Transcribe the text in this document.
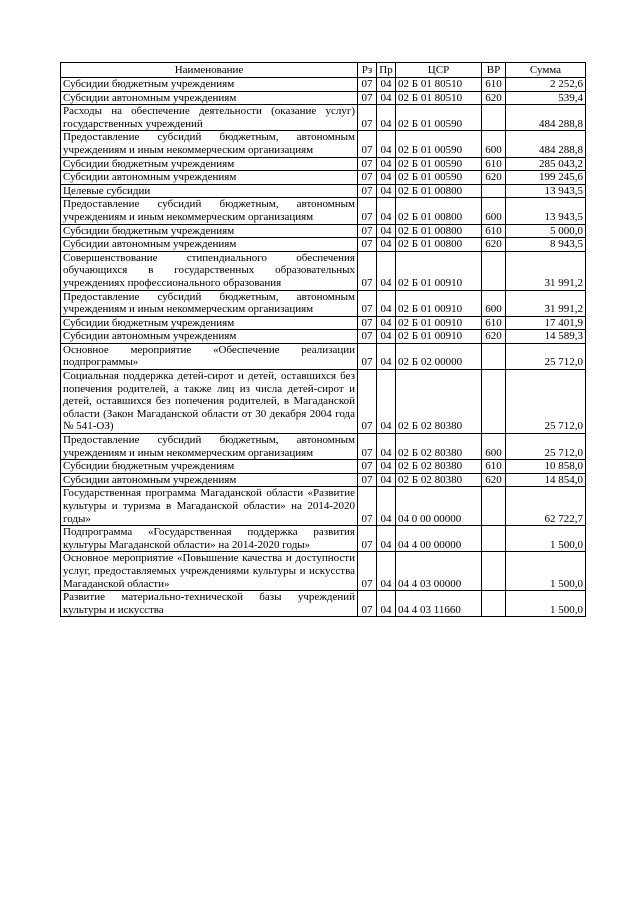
Наименование	Рз	Пр	ЦСР	ВР	Сумма
Субсидии бюджетным учреждениям	07	04	02 Б 01 80510	610	2 252,6
Субсидии автономным учреждениям	07	04	02 Б 01 80510	620	539,4
Расходы на обеспечение деятельности (оказание услуг) государственных учреждений	07	04	02 Б 01 00590		484 288,8
Предоставление субсидий бюджетным, автономным учреждениям и иным некоммерческим организациям	07	04	02 Б 01 00590	600	484 288,8
Субсидии бюджетным учреждениям	07	04	02 Б 01 00590	610	285 043,2
Субсидии автономным учреждениям	07	04	02 Б 01 00590	620	199 245,6
Целевые субсидии	07	04	02 Б 01 00800		13 943,5
Предоставление субсидий бюджетным, автономным учреждениям и иным некоммерческим организациям	07	04	02 Б 01 00800	600	13 943,5
Субсидии бюджетным учреждениям	07	04	02 Б 01 00800	610	5 000,0
Субсидии автономным учреждениям	07	04	02 Б 01 00800	620	8 943,5
Совершенствование стипендиального обеспечения обучающихся в государственных образовательных учреждениях профессионального образования	07	04	02 Б 01 00910		31 991,2
Предоставление субсидий бюджетным, автономным учреждениям и иным некоммерческим организациям	07	04	02 Б 01 00910	600	31 991,2
Субсидии бюджетным учреждениям	07	04	02 Б 01 00910	610	17 401,9
Субсидии автономным учреждениям	07	04	02 Б 01 00910	620	14 589,3
Основное мероприятие «Обеспечение реализации подпрограммы»	07	04	02 Б 02 00000		25 712,0
Социальная поддержка детей-сирот и детей, оставшихся без попечения родителей, а также лиц из числа детей-сирот и детей, оставшихся без попечения родителей, в Магаданской области (Закон Магаданской области от 30 декабря 2004 года № 541-ОЗ)	07	04	02 Б 02 80380		25 712,0
Предоставление субсидий бюджетным, автономным учреждениям и иным некоммерческим организациям	07	04	02 Б 02 80380	600	25 712,0
Субсидии бюджетным учреждениям	07	04	02 Б 02 80380	610	10 858,0
Субсидии автономным учреждениям	07	04	02 Б 02 80380	620	14 854,0
Государственная программа Магаданской области «Развитие культуры и туризма в Магаданской области» на 2014-2020 годы»	07	04	04 0 00 00000		62 722,7
Подпрограмма «Государственная поддержка развития культуры Магаданской области» на 2014-2020 годы»	07	04	04 4 00 00000		1 500,0
Основное мероприятие «Повышение качества и доступности услуг, предоставляемых учреждениями культуры и искусства Магаданской области»	07	04	04 4 03 00000		1 500,0
Развитие материально-технической базы учреждений культуры и искусства	07	04	04 4 03 11660		1 500,0
